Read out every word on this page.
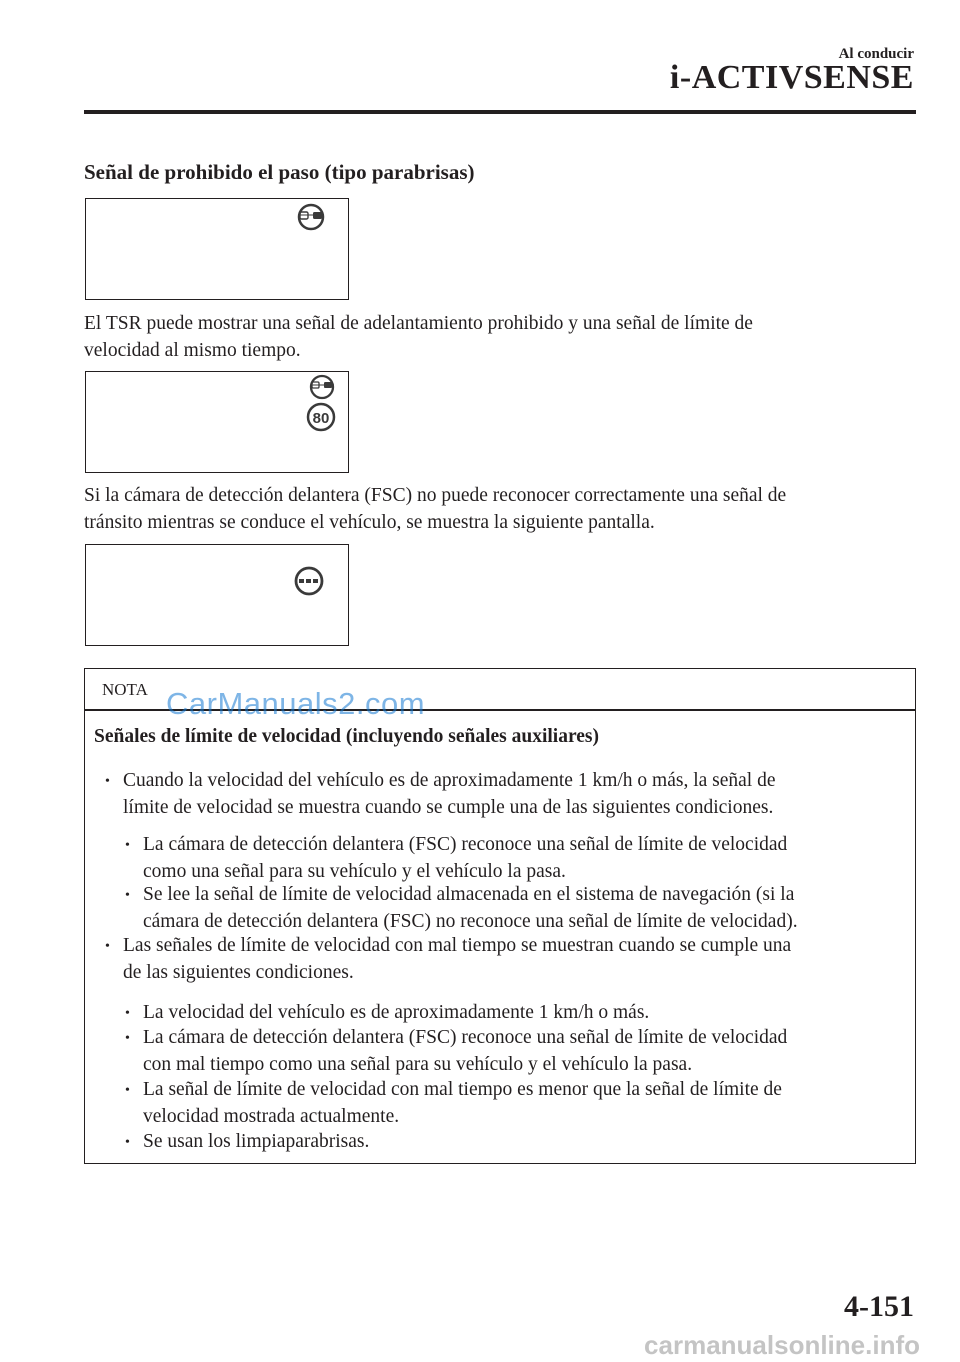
Al conducir
i-ACTIVSENSE
Señal de prohibido el paso (tipo parabrisas)
El TSR puede mostrar una señal de adelantamiento prohibido y una señal de límite de
velocidad al mismo tiempo.
80
Si la cámara de detección delantera (FSC) no puede reconocer correctamente una señal de
tránsito mientras se conduce el vehículo, se muestra la siguiente pantalla.
NOTA
Señales de límite de velocidad (incluyendo señales auxiliares)
• Cuando la velocidad del vehículo es de aproximadamente 1 km/h o más, la señal de
límite de velocidad se muestra cuando se cumple una de las siguientes condiciones.
• La cámara de detección delantera (FSC) reconoce una señal de límite de velocidad
como una señal para su vehículo y el vehículo la pasa.
• Se lee la señal de límite de velocidad almacenada en el sistema de navegación (si la
cámara de detección delantera (FSC) no reconoce una señal de límite de velocidad).
• Las señales de límite de velocidad con mal tiempo se muestran cuando se cumple una
de las siguientes condiciones.
• La velocidad del vehículo es de aproximadamente 1 km/h o más.
• La cámara de detección delantera (FSC) reconoce una señal de límite de velocidad
con mal tiempo como una señal para su vehículo y el vehículo la pasa.
• La señal de límite de velocidad con mal tiempo es menor que la señal de límite de
velocidad mostrada actualmente.
• Se usan los limpiaparabrisas.
CarManuals2.com
4-151
carmanualsonline.info
